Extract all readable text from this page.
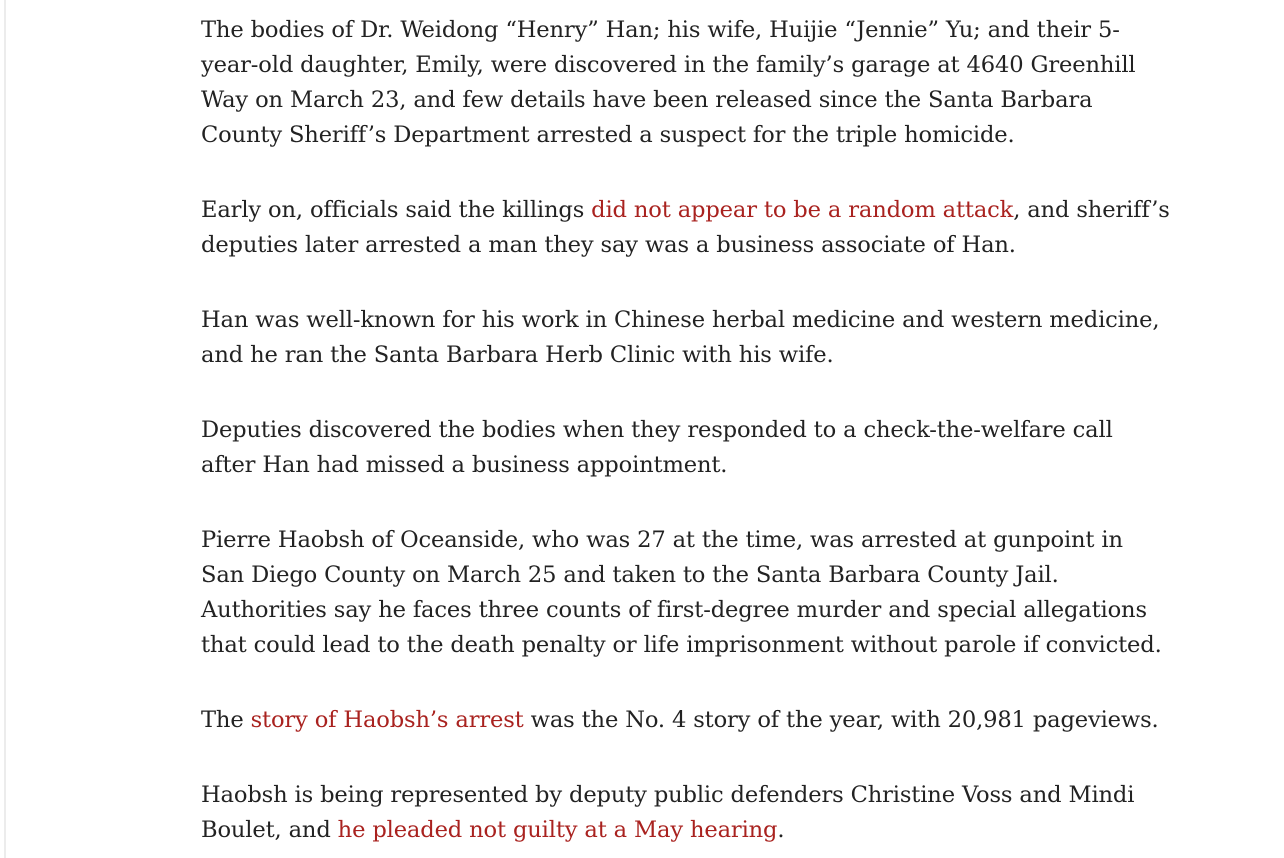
The bodies of Dr. Weidong “Henry” Han; his wife, Huijie “Jennie” Yu; and their 5-year-old daughter, Emily, were discovered in the family’s garage at 4640 Greenhill Way on March 23, and few details have been released since the Santa Barbara County Sheriff’s Department arrested a suspect for the triple homicide.

Early on, officials said the killings did not appear to be a random attack, and sheriff’s deputies later arrested a man they say was a business associate of Han.

Han was well-known for his work in Chinese herbal medicine and western medicine, and he ran the Santa Barbara Herb Clinic with his wife.

Deputies discovered the bodies when they responded to a check-the-welfare call after Han had missed a business appointment.

Pierre Haobsh of Oceanside, who was 27 at the time, was arrested at gunpoint in San Diego County on March 25 and taken to the Santa Barbara County Jail. Authorities say he faces three counts of first-degree murder and special allegations that could lead to the death penalty or life imprisonment without parole if convicted.

The story of Haobsh’s arrest was the No. 4 story of the year, with 20,981 pageviews.

Haobsh is being represented by deputy public defenders Christine Voss and Mindi Boulet, and he pleaded not guilty at a May hearing.
